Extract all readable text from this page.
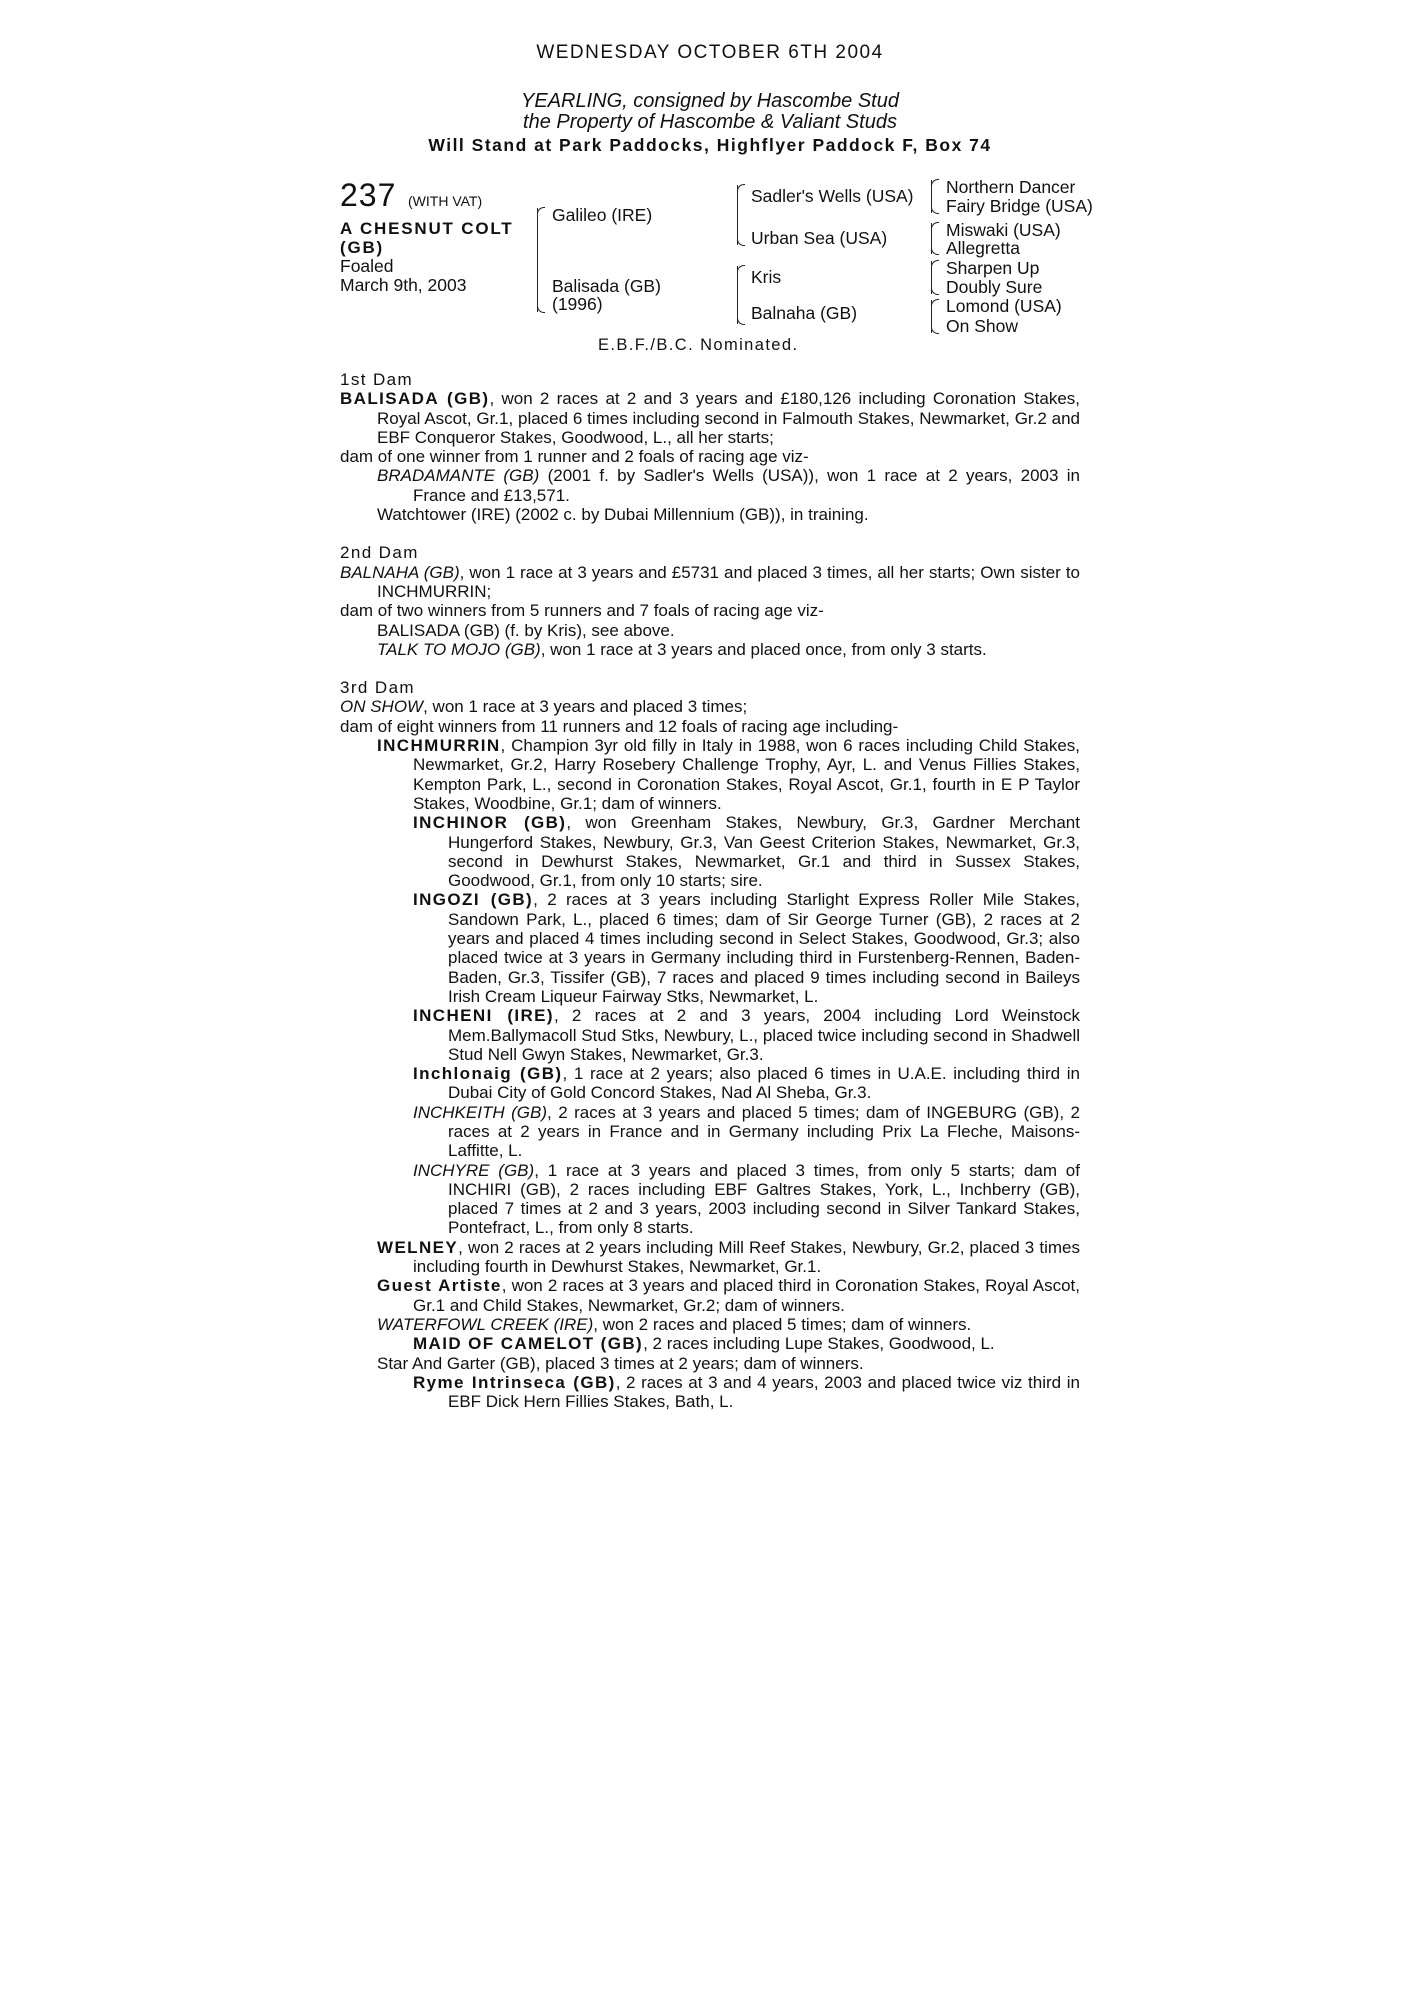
WEDNESDAY OCTOBER 6TH 2004
YEARLING, consigned by Hascombe Stud
the Property of Hascombe & Valiant Studs
Will Stand at Park Paddocks, Highflyer Paddock F, Box 74
237 (WITH VAT)
A CHESNUT COLT
(GB)
Foaled
March 9th, 2003
Galileo (IRE)
Balisada (GB)
(1996)
Sadler's Wells (USA)
Urban Sea (USA)
Kris
Balnaha (GB)
Northern Dancer
Fairy Bridge (USA)
Miswaki (USA)
Allegretta
Sharpen Up
Doubly Sure
Lomond (USA)
On Show
E.B.F./B.C. Nominated.
1st Dam
BALISADA (GB), won 2 races at 2 and 3 years and £180,126 including Coronation Stakes, Royal Ascot, Gr.1, placed 6 times including second in Falmouth Stakes, Newmarket, Gr.2 and EBF Conqueror Stakes, Goodwood, L., all her starts;
dam of one winner from 1 runner and 2 foals of racing age viz-
BRADAMANTE (GB) (2001 f. by Sadler's Wells (USA)), won 1 race at 2 years, 2003 in France and £13,571.
Watchtower (IRE) (2002 c. by Dubai Millennium (GB)), in training.
2nd Dam
BALNAHA (GB), won 1 race at 3 years and £5731 and placed 3 times, all her starts; Own sister to INCHMURRIN;
dam of two winners from 5 runners and 7 foals of racing age viz-
BALISADA (GB) (f. by Kris), see above.
TALK TO MOJO (GB), won 1 race at 3 years and placed once, from only 3 starts.
3rd Dam
ON SHOW, won 1 race at 3 years and placed 3 times;
dam of eight winners from 11 runners and 12 foals of racing age including-
INCHMURRIN, Champion 3yr old filly in Italy in 1988, won 6 races including Child Stakes, Newmarket, Gr.2, Harry Rosebery Challenge Trophy, Ayr, L. and Venus Fillies Stakes, Kempton Park, L., second in Coronation Stakes, Royal Ascot, Gr.1, fourth in E P Taylor Stakes, Woodbine, Gr.1; dam of winners.
INCHINOR (GB), won Greenham Stakes, Newbury, Gr.3, Gardner Merchant Hungerford Stakes, Newbury, Gr.3, Van Geest Criterion Stakes, Newmarket, Gr.3, second in Dewhurst Stakes, Newmarket, Gr.1 and third in Sussex Stakes, Goodwood, Gr.1, from only 10 starts; sire.
INGOZI (GB), 2 races at 3 years including Starlight Express Roller Mile Stakes, Sandown Park, L., placed 6 times; dam of Sir George Turner (GB), 2 races at 2 years and placed 4 times including second in Select Stakes, Goodwood, Gr.3; also placed twice at 3 years in Germany including third in Furstenberg-Rennen, Baden-Baden, Gr.3, Tissifer (GB), 7 races and placed 9 times including second in Baileys Irish Cream Liqueur Fairway Stks, Newmarket, L.
INCHENI (IRE), 2 races at 2 and 3 years, 2004 including Lord Weinstock Mem.Ballymacoll Stud Stks, Newbury, L., placed twice including second in Shadwell Stud Nell Gwyn Stakes, Newmarket, Gr.3.
Inchlonaig (GB), 1 race at 2 years; also placed 6 times in U.A.E. including third in Dubai City of Gold Concord Stakes, Nad Al Sheba, Gr.3.
INCHKEITH (GB), 2 races at 3 years and placed 5 times; dam of INGEBURG (GB), 2 races at 2 years in France and in Germany including Prix La Fleche, Maisons-Laffitte, L.
INCHYRE (GB), 1 race at 3 years and placed 3 times, from only 5 starts; dam of INCHIRI (GB), 2 races including EBF Galtres Stakes, York, L., Inchberry (GB), placed 7 times at 2 and 3 years, 2003 including second in Silver Tankard Stakes, Pontefract, L., from only 8 starts.
WELNEY, won 2 races at 2 years including Mill Reef Stakes, Newbury, Gr.2, placed 3 times including fourth in Dewhurst Stakes, Newmarket, Gr.1.
Guest Artiste, won 2 races at 3 years and placed third in Coronation Stakes, Royal Ascot, Gr.1 and Child Stakes, Newmarket, Gr.2; dam of winners.
WATERFOWL CREEK (IRE), won 2 races and placed 5 times; dam of winners.
MAID OF CAMELOT (GB), 2 races including Lupe Stakes, Goodwood, L.
Star And Garter (GB), placed 3 times at 2 years; dam of winners.
Ryme Intrinseca (GB), 2 races at 3 and 4 years, 2003 and placed twice viz third in EBF Dick Hern Fillies Stakes, Bath, L.
